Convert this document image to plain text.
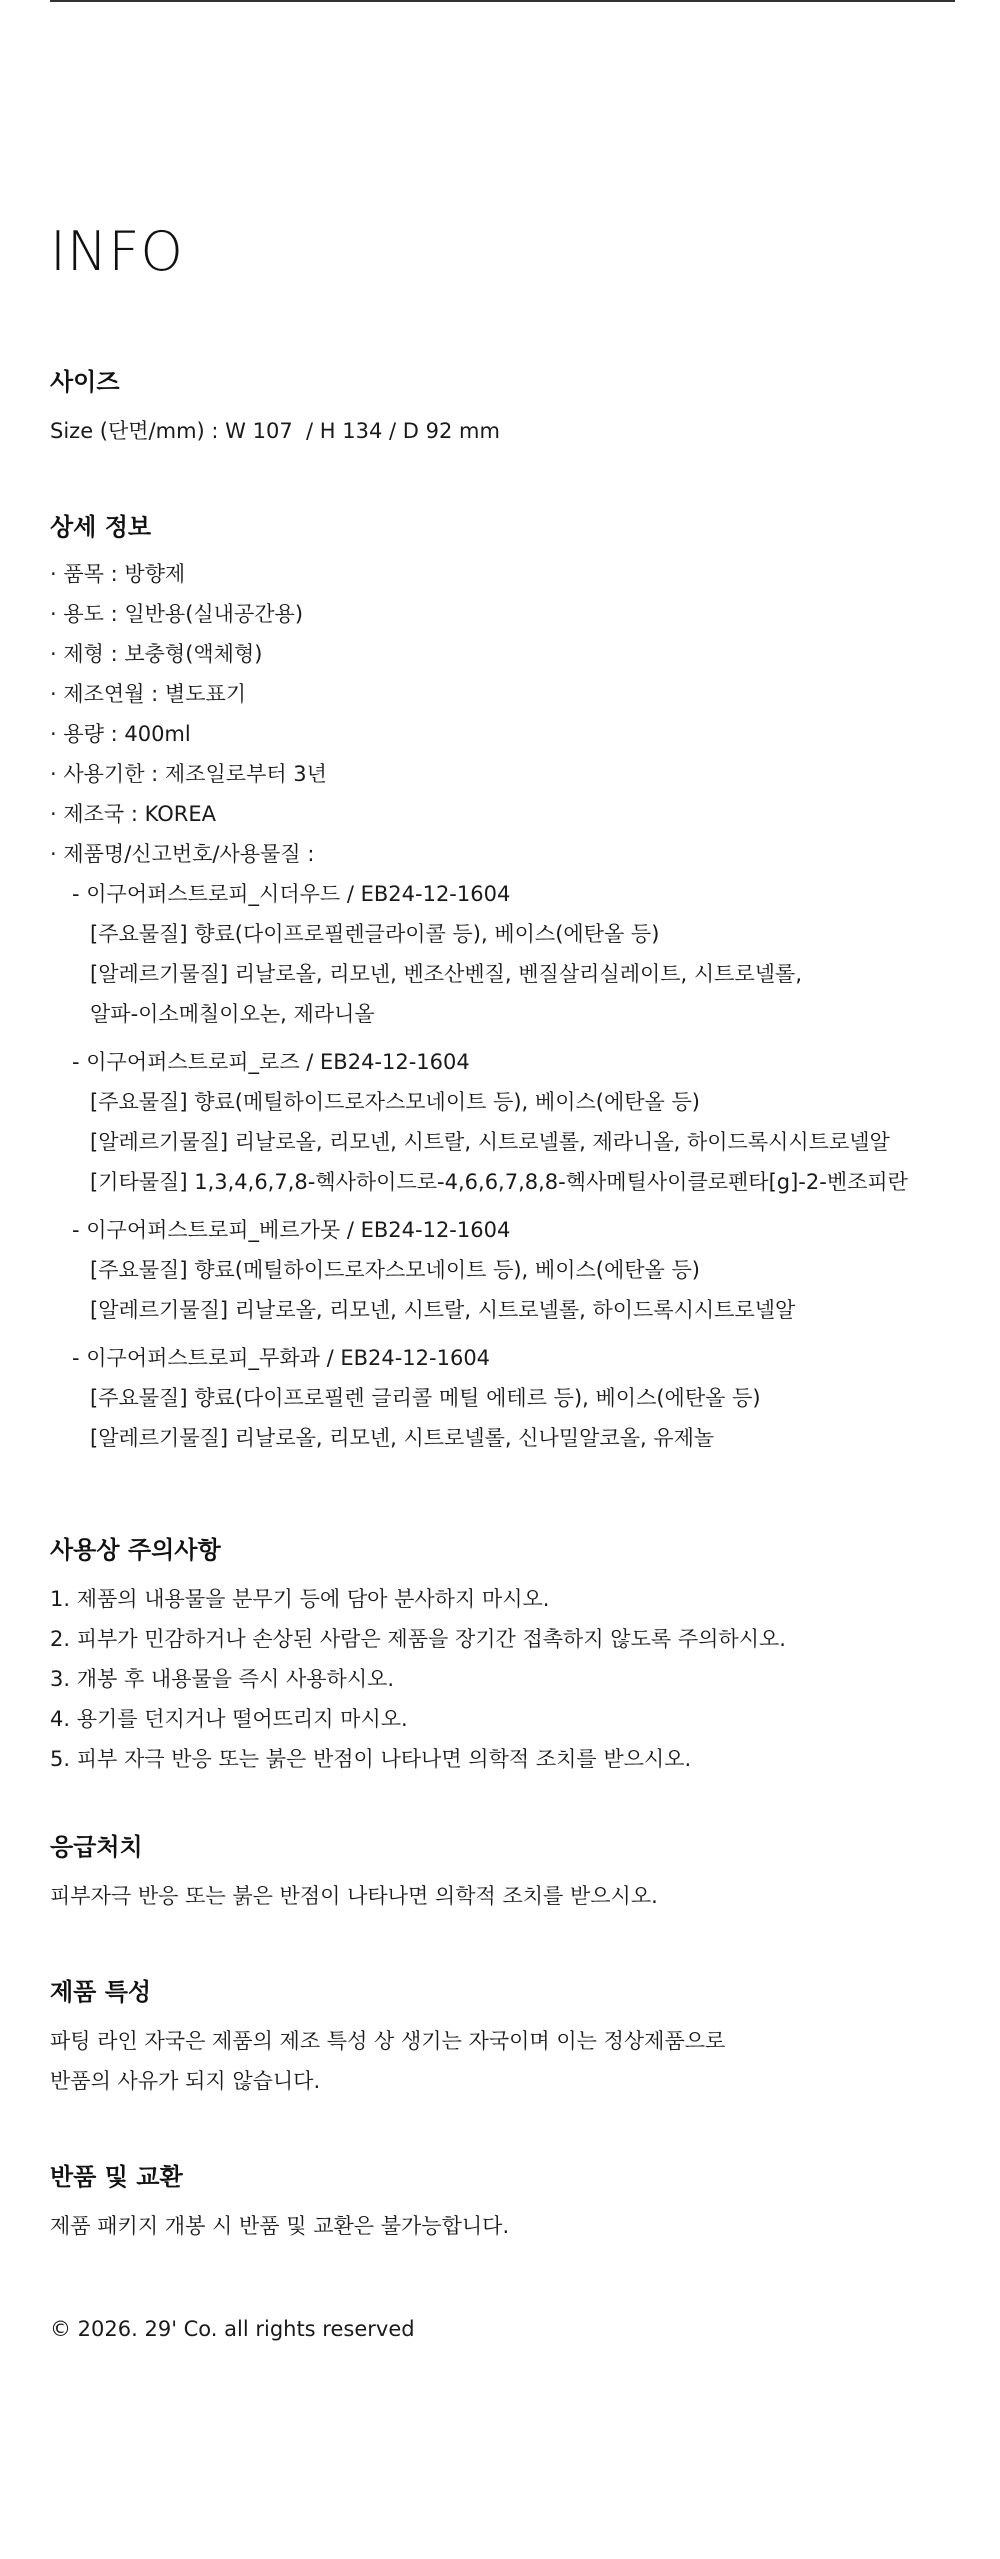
INFO
사이즈
Size (단면/mm) : W 107  / H 134 / D 92 mm
상세 정보
· 품목 : 방향제
· 용도 : 일반용(실내공간용)
· 제형 : 보충형(액체형)
· 제조연월 : 별도표기
· 용량 : 400ml
· 사용기한 : 제조일로부터 3년
· 제조국 : KOREA
· 제품명/신고번호/사용물질 :
- 이구어퍼스트로피_시더우드 / EB24-12-1604
[주요물질] 향료(다이프로필렌글라이콜 등), 베이스(에탄올 등)
[알레르기물질] 리날로올, 리모넨, 벤조산벤질, 벤질살리실레이트, 시트로넬롤,
알파-이소메칠이오논, 제라니올
- 이구어퍼스트로피_로즈 / EB24-12-1604
[주요물질] 향료(메틸하이드로자스모네이트 등), 베이스(에탄올 등)
[알레르기물질] 리날로올, 리모넨, 시트랄, 시트로넬롤, 제라니올, 하이드록시시트로넬알
[기타물질] 1,3,4,6,7,8-헥사하이드로-4,6,6,7,8,8-헥사메틸사이클로펜타[g]-2-벤조피란
- 이구어퍼스트로피_베르가못 / EB24-12-1604
[주요물질] 향료(메틸하이드로자스모네이트 등), 베이스(에탄올 등)
[알레르기물질] 리날로올, 리모넨, 시트랄, 시트로넬롤, 하이드록시시트로넬알
- 이구어퍼스트로피_무화과 / EB24-12-1604
[주요물질] 향료(다이프로필렌 글리콜 메틸 에테르 등), 베이스(에탄올 등)
[알레르기물질] 리날로올, 리모넨, 시트로넬롤, 신나밀알코올, 유제놀
사용상 주의사항
1. 제품의 내용물을 분무기 등에 담아 분사하지 마시오.
2. 피부가 민감하거나 손상된 사람은 제품을 장기간 접촉하지 않도록 주의하시오.
3. 개봉 후 내용물을 즉시 사용하시오.
4. 용기를 던지거나 떨어뜨리지 마시오.
5. 피부 자극 반응 또는 붉은 반점이 나타나면 의학적 조치를 받으시오.
응급처치
피부자극 반응 또는 붉은 반점이 나타나면 의학적 조치를 받으시오.
제품 특성
파팅 라인 자국은 제품의 제조 특성 상 생기는 자국이며 이는 정상제품으로
반품의 사유가 되지 않습니다.
반품 및 교환
제품 패키지 개봉 시 반품 및 교환은 불가능합니다.
© 2026. 29' Co. all rights reserved
